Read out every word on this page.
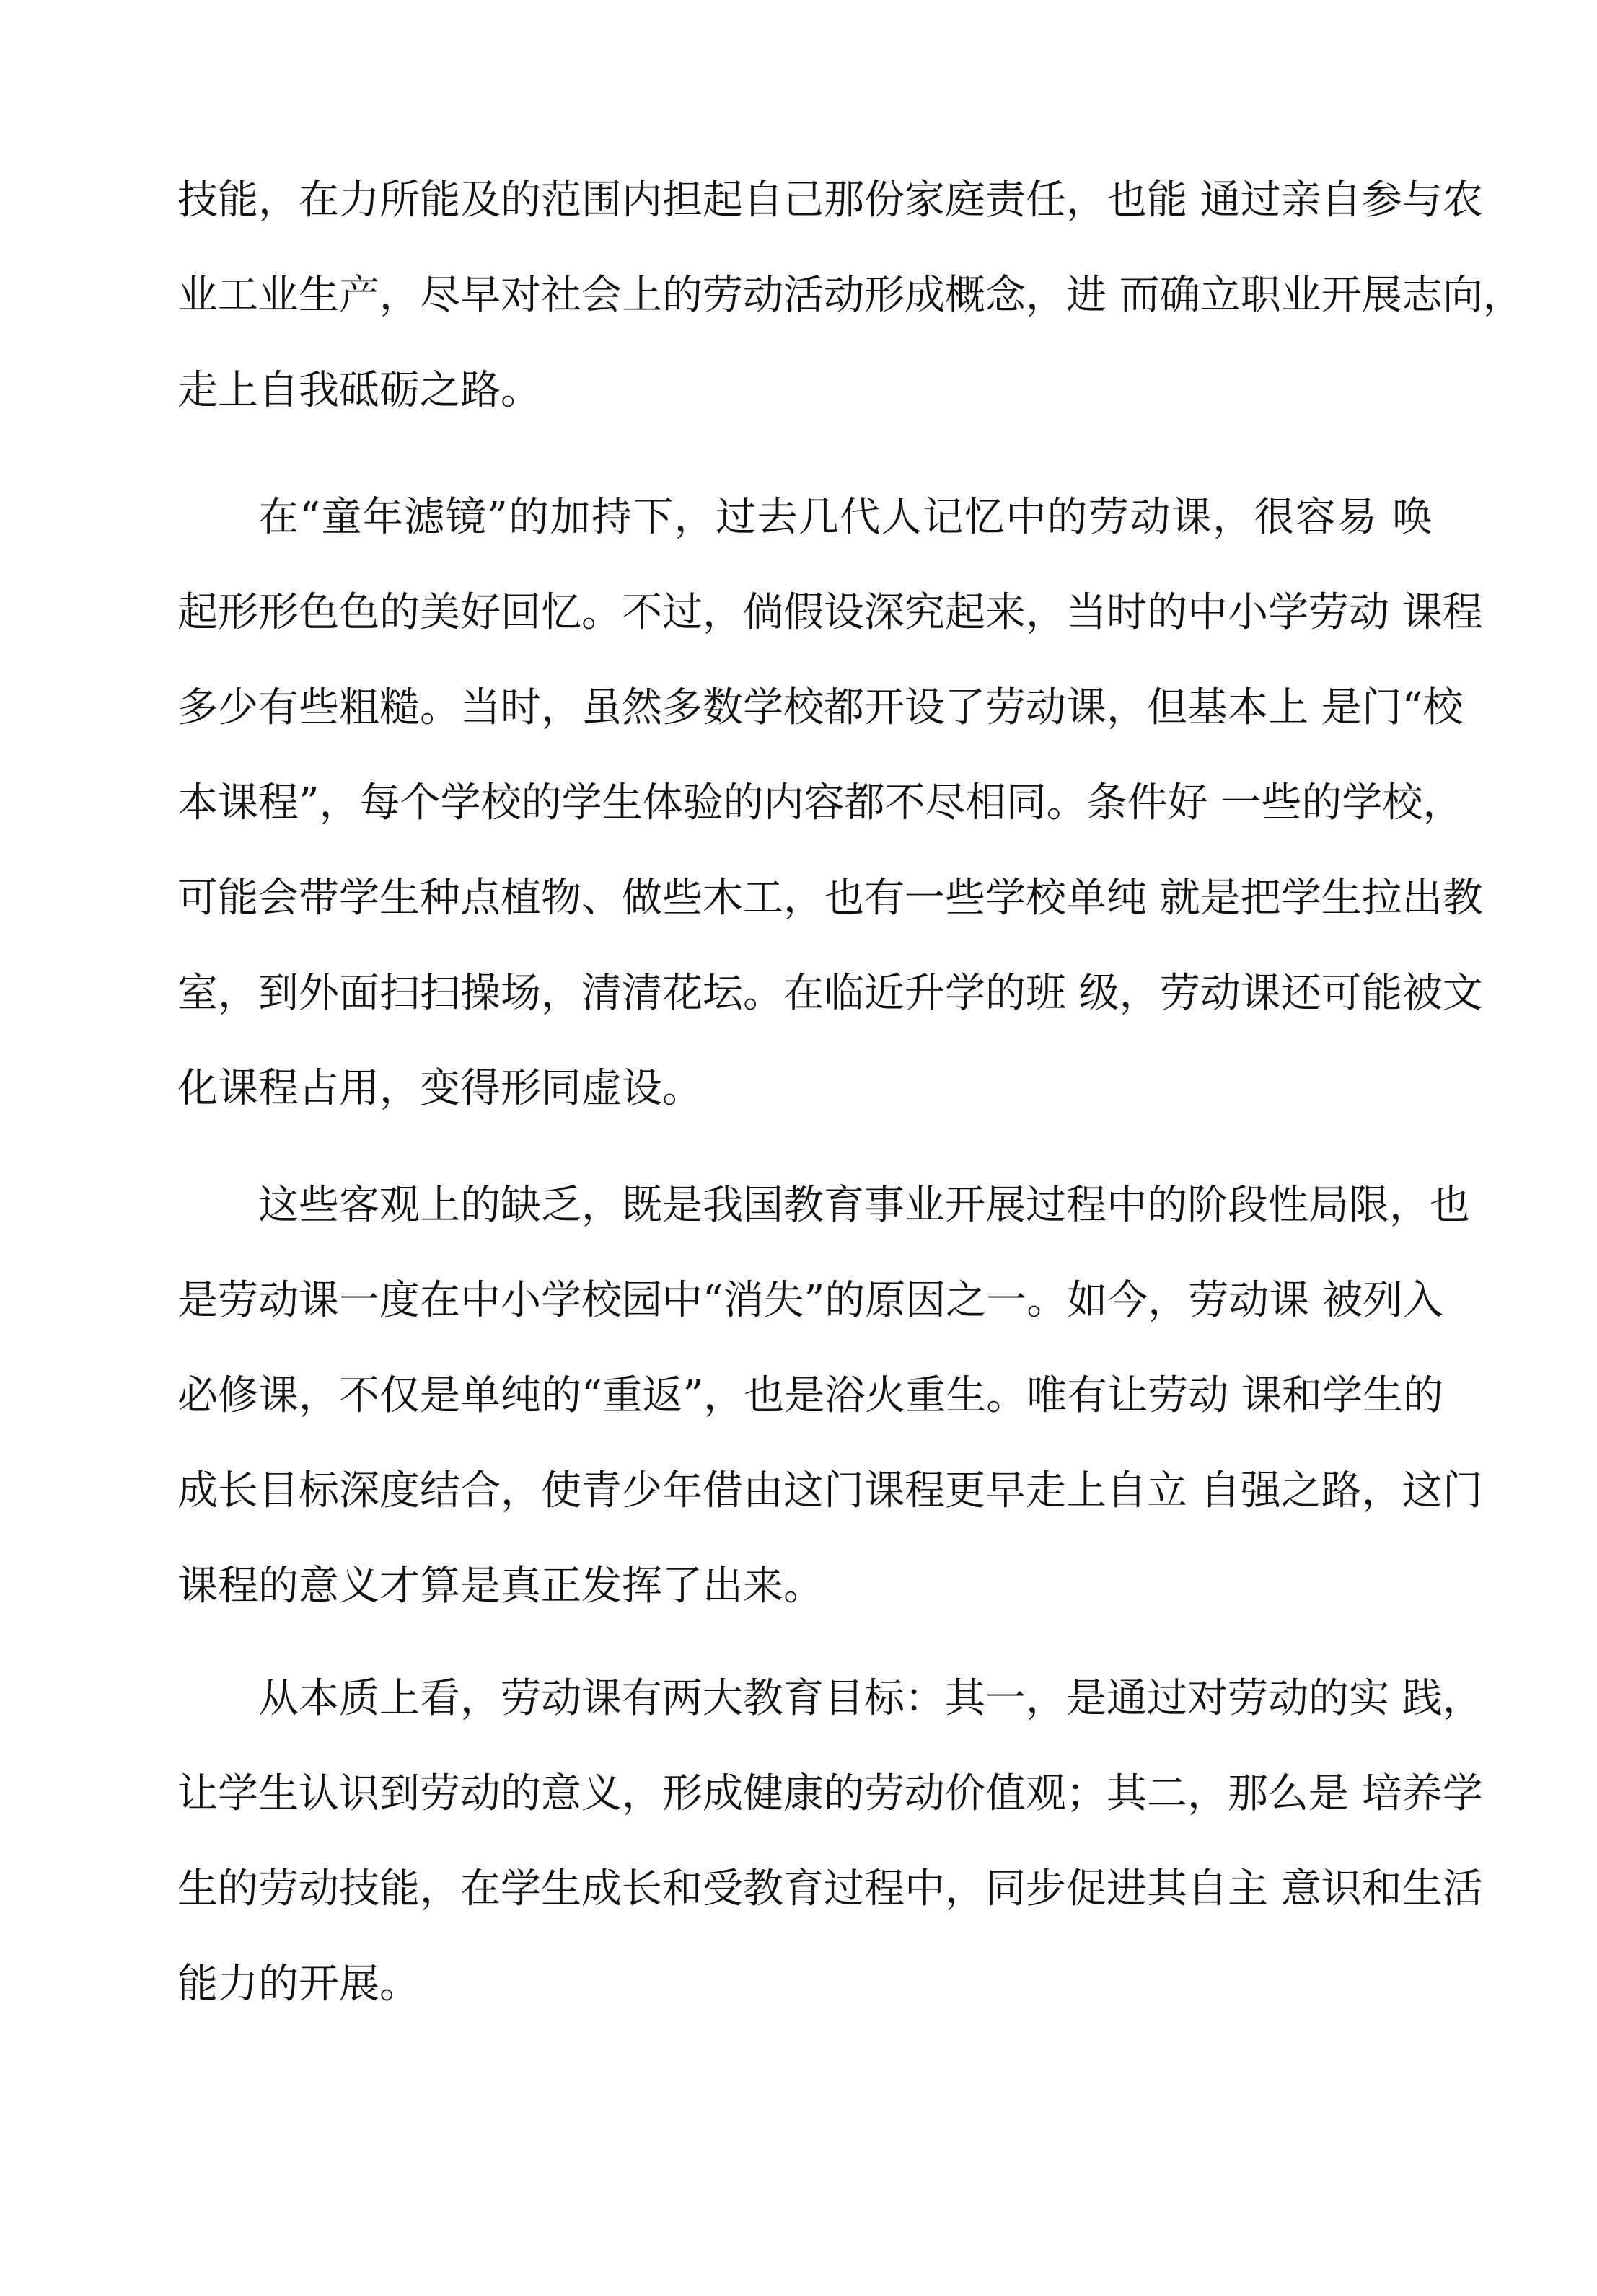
技能，在力所能及的范围内担起自己那份家庭责任，也能 通过亲自参与农
业工业生产，尽早对社会上的劳动活动形成概念，进 而确立职业开展志向，
走上自我砥砺之路。
在“童年滤镜”的加持下，过去几代人记忆中的劳动课，很容易 唤
起形形色色的美好回忆。不过，倘假设深究起来，当时的中小学劳动 课程
多少有些粗糙。当时，虽然多数学校都开设了劳动课，但基本上 是门“校
本课程”，每个学校的学生体验的内容都不尽相同。条件好 一些的学校，
可能会带学生种点植物、做些木工，也有一些学校单纯 就是把学生拉出教
室，到外面扫扫操场，清清花坛。在临近升学的班 级，劳动课还可能被文
化课程占用，变得形同虚设。
这些客观上的缺乏，既是我国教育事业开展过程中的阶段性局限，也
是劳动课一度在中小学校园中“消失”的原因之一。如今，劳动课 被列入
必修课，不仅是单纯的“重返”，也是浴火重生。唯有让劳动 课和学生的
成长目标深度结合，使青少年借由这门课程更早走上自立 自强之路，这门
课程的意义才算是真正发挥了出来。
从本质上看，劳动课有两大教育目标：其一，是通过对劳动的实 践，
让学生认识到劳动的意义，形成健康的劳动价值观；其二，那么是 培养学
生的劳动技能，在学生成长和受教育过程中，同步促进其自主 意识和生活
能力的开展。
